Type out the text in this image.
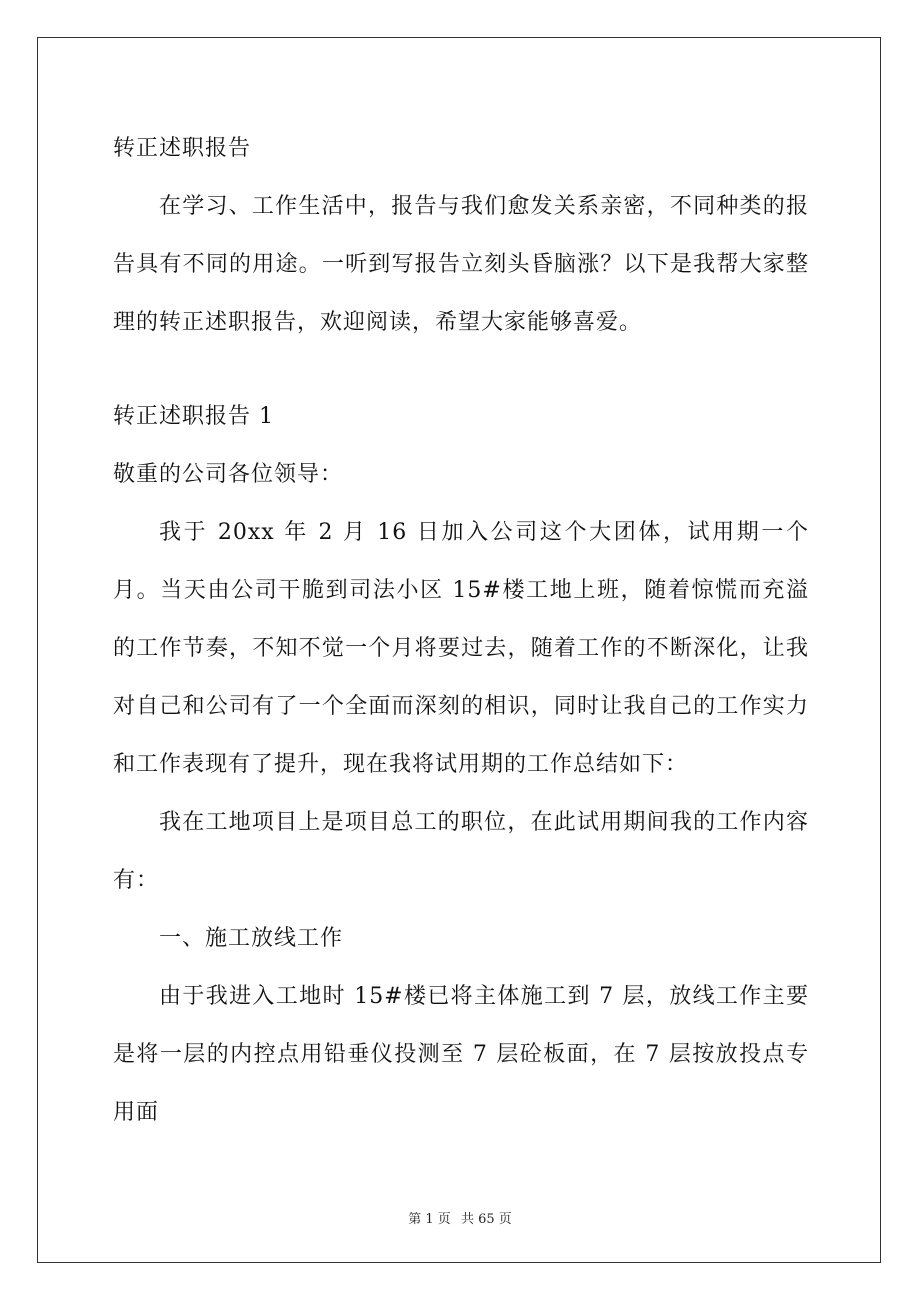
转正述职报告

在学习、工作生活中，报告与我们愈发关系亲密，不同种类的报告具有不同的用途。一听到写报告立刻头昏脑涨？以下是我帮大家整理的转正述职报告，欢迎阅读，希望大家能够喜爱。

转正述职报告 1
敬重的公司各位领导：

我于 20xx 年 2 月 16 日加入公司这个大团体，试用期一个月。当天由公司干脆到司法小区 15#楼工地上班，随着惊慌而充溢的工作节奏，不知不觉一个月将要过去，随着工作的不断深化，让我对自己和公司有了一个全面而深刻的相识，同时让我自己的工作实力和工作表现有了提升，现在我将试用期的工作总结如下：

我在工地项目上是项目总工的职位，在此试用期间我的工作内容有：

一、施工放线工作

由于我进入工地时 15#楼已将主体施工到 7 层，放线工作主要是将一层的内控点用铅垂仪投测至 7 层砼板面，在 7 层按放投点专用面

第 1 页 共 65 页
